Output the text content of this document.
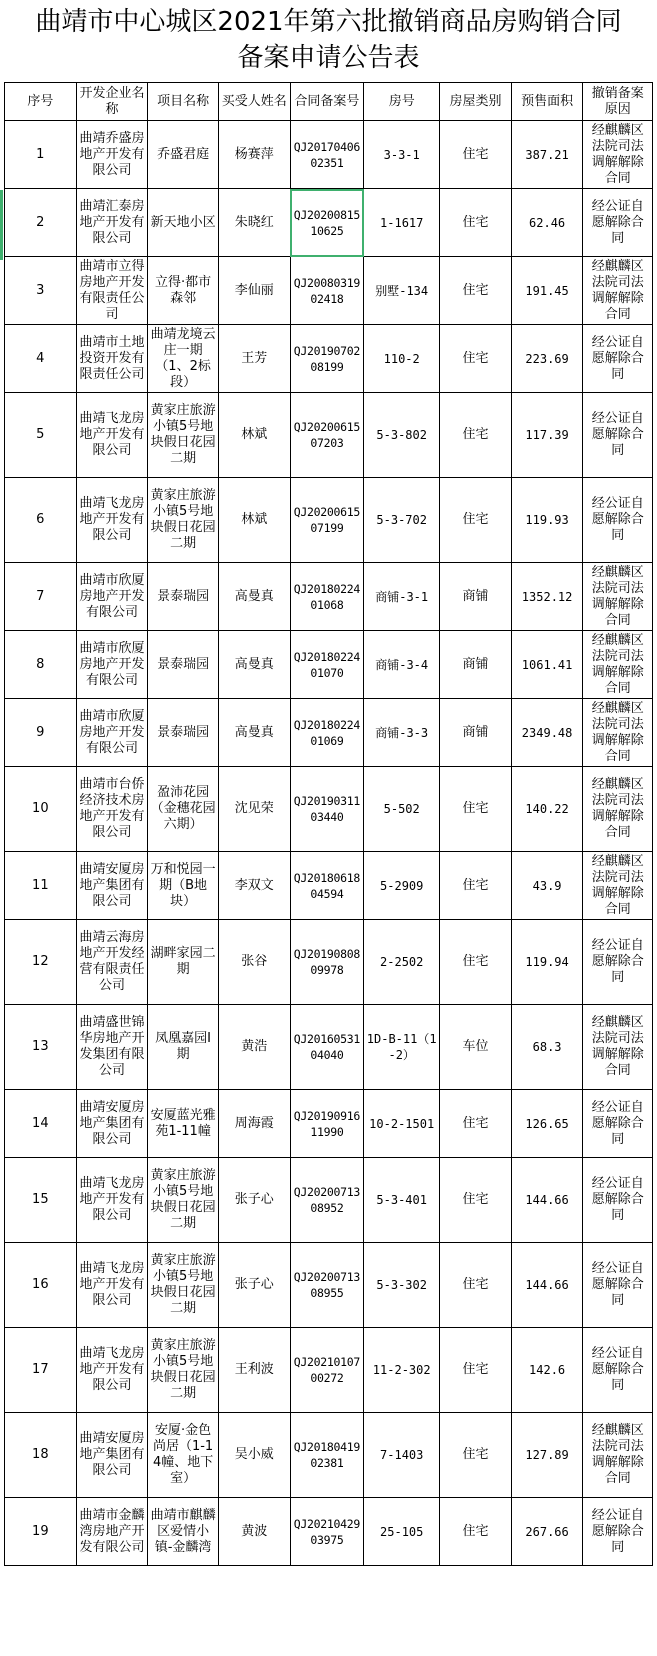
曲靖市中心城区2021年第六批撤销商品房购销合同
备案申请公告表
序号	开发企业名称	项目名称	买受人姓名	合同备案号	房号	房屋类别	预售面积	撤销备案原因
1	曲靖乔盛房地产开发有限公司	乔盛君庭	杨赛萍	QJ2017040602351	3-3-1	住宅	387.21	经麒麟区法院司法调解解除合同
2	曲靖汇泰房地产开发有限公司	新天地小区	朱晓红	QJ2020081510625	1-1617	住宅	62.46	经公证自愿解除合同
3	曲靖市立得房地产开发有限责任公司	立得·都市森邻	李仙丽	QJ2008031902418	别墅-134	住宅	191.45	经麒麟区法院司法调解解除合同
4	曲靖市土地投资开发有限责任公司	曲靖龙境云庄一期（1、2标段）	王芳	QJ2019070208199	110-2	住宅	223.69	经公证自愿解除合同
5	曲靖飞龙房地产开发有限公司	黄家庄旅游小镇5号地块假日花园二期	林斌	QJ2020061507203	5-3-802	住宅	117.39	经公证自愿解除合同
6	曲靖飞龙房地产开发有限公司	黄家庄旅游小镇5号地块假日花园二期	林斌	QJ2020061507199	5-3-702	住宅	119.93	经公证自愿解除合同
7	曲靖市欣厦房地产开发有限公司	景泰瑞园	高曼真	QJ2018022401068	商铺-3-1	商铺	1352.12	经麒麟区法院司法调解解除合同
8	曲靖市欣厦房地产开发有限公司	景泰瑞园	高曼真	QJ2018022401070	商铺-3-4	商铺	1061.41	经麒麟区法院司法调解解除合同
9	曲靖市欣厦房地产开发有限公司	景泰瑞园	高曼真	QJ2018022401069	商铺-3-3	商铺	2349.48	经麒麟区法院司法调解解除合同
10	曲靖市台侨经济技术房地产开发有限公司	盈沛花园（金穗花园六期）	沈见荣	QJ2019031103440	5-502	住宅	140.22	经麒麟区法院司法调解解除合同
11	曲靖安厦房地产集团有限公司	万和悦园一期（B地块）	李双文	QJ2018061804594	5-2909	住宅	43.9	经麒麟区法院司法调解解除合同
12	曲靖云海房地产开发经营有限责任公司	湖畔家园二期	张谷	QJ2019080809978	2-2502	住宅	119.94	经公证自愿解除合同
13	曲靖盛世锦华房地产开发集团有限公司	凤凰嘉园Ⅰ期	黄浩	QJ2016053104040	1D-B-11（1-2）	车位	68.3	经麒麟区法院司法调解解除合同
14	曲靖安厦房地产集团有限公司	安厦蓝光雅苑1-11幢	周海霞	QJ2019091611990	10-2-1501	住宅	126.65	经公证自愿解除合同
15	曲靖飞龙房地产开发有限公司	黄家庄旅游小镇5号地块假日花园二期	张子心	QJ2020071308952	5-3-401	住宅	144.66	经公证自愿解除合同
16	曲靖飞龙房地产开发有限公司	黄家庄旅游小镇5号地块假日花园二期	张子心	QJ2020071308955	5-3-302	住宅	144.66	经公证自愿解除合同
17	曲靖飞龙房地产开发有限公司	黄家庄旅游小镇5号地块假日花园二期	王利波	QJ2021010700272	11-2-302	住宅	142.6	经公证自愿解除合同
18	曲靖安厦房地产集团有限公司	安厦·金色尚居（1-14幢、地下室）	吴小威	QJ2018041902381	7-1403	住宅	127.89	经麒麟区法院司法调解解除合同
19	曲靖市金麟湾房地产开发有限公司	曲靖市麒麟区爱情小镇-金麟湾	黄波	QJ2021042903975	25-105	住宅	267.66	经公证自愿解除合同
